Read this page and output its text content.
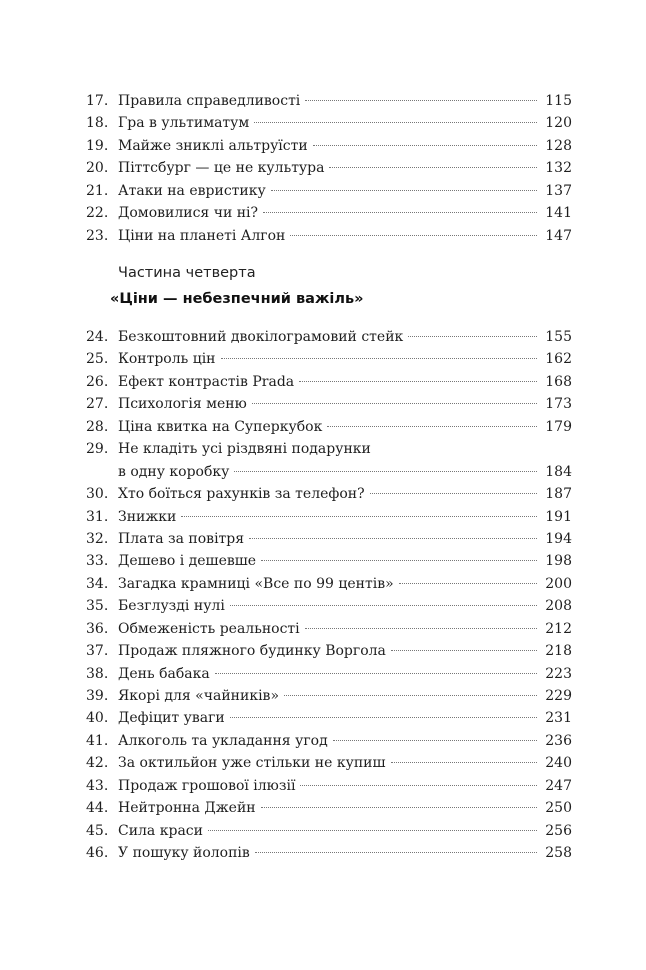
17. Правила справедливості	115
18. Гра в ультиматум	120
19. Майже зниклі альтруїсти	128
20. Піттсбург — це не культура	132
21. Атаки на евристику	137
22. Домовилися чи ні?	141
23. Ціни на планеті Алгон	147
Частина четверта
«Ціни — небезпечний важіль»
24. Безкоштовний двокілограмовий стейк	155
25. Контроль цін	162
26. Ефект контрастів Prada	168
27. Психологія меню	173
28. Ціна квитка на Суперкубок	179
29. Не кладіть усі різдвяні подарунки
в одну коробку	184
30. Хто боїться рахунків за телефон?	187
31. Знижки	191
32. Плата за повітря	194
33. Дешево і дешевше	198
34. Загадка крамниці «Все по 99 центів»	200
35. Безглузді нулі	208
36. Обмеженість реальності	212
37. Продаж пляжного будинку Воргола	218
38. День бабака	223
39. Якорі для «чайників»	229
40. Дефіцит уваги	231
41. Алкоголь та укладання угод	236
42. За октильйон уже стільки не купиш	240
43. Продаж грошової ілюзії	247
44. Нейтронна Джейн	250
45. Сила краси	256
46. У пошуку йолопів	258
